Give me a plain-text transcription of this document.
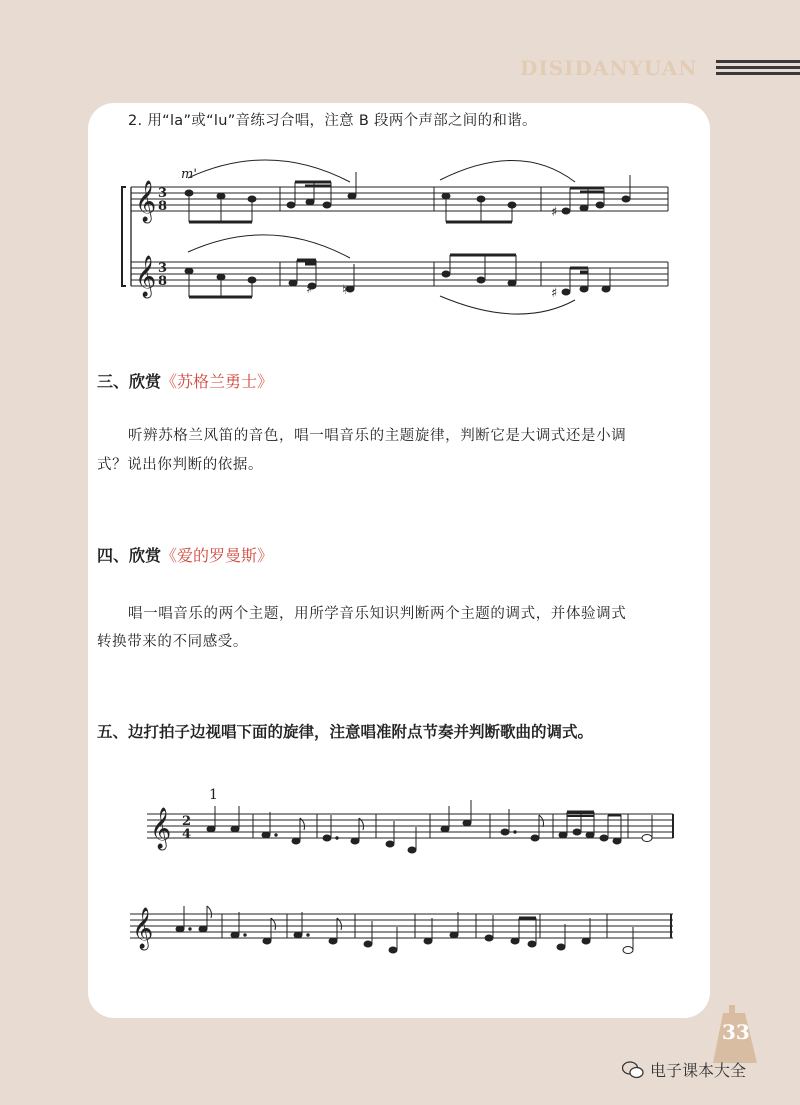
DISIDANYUAN
2. 用“la”或“lu”音练习合唱，注意 B 段两个声部之间的和谐。
𝄞
𝄞
3
8
3
8
m'
♯
♯ ♮	♯
三、欣赏《苏格兰勇士》
听辨苏格兰风笛的音色，唱一唱音乐的主题旋律，判断它是大调式还是小调
式？说出你判断的依据。
四、欣赏《爱的罗曼斯》
唱一唱音乐的两个主题，用所学音乐知识判断两个主题的调式，并体验调式
转换带来的不同感受。
五、边打拍子边视唱下面的旋律，注意唱准附点节奏并判断歌曲的调式。
𝄞
𝄞
2
4
1
33
电子课本大全
